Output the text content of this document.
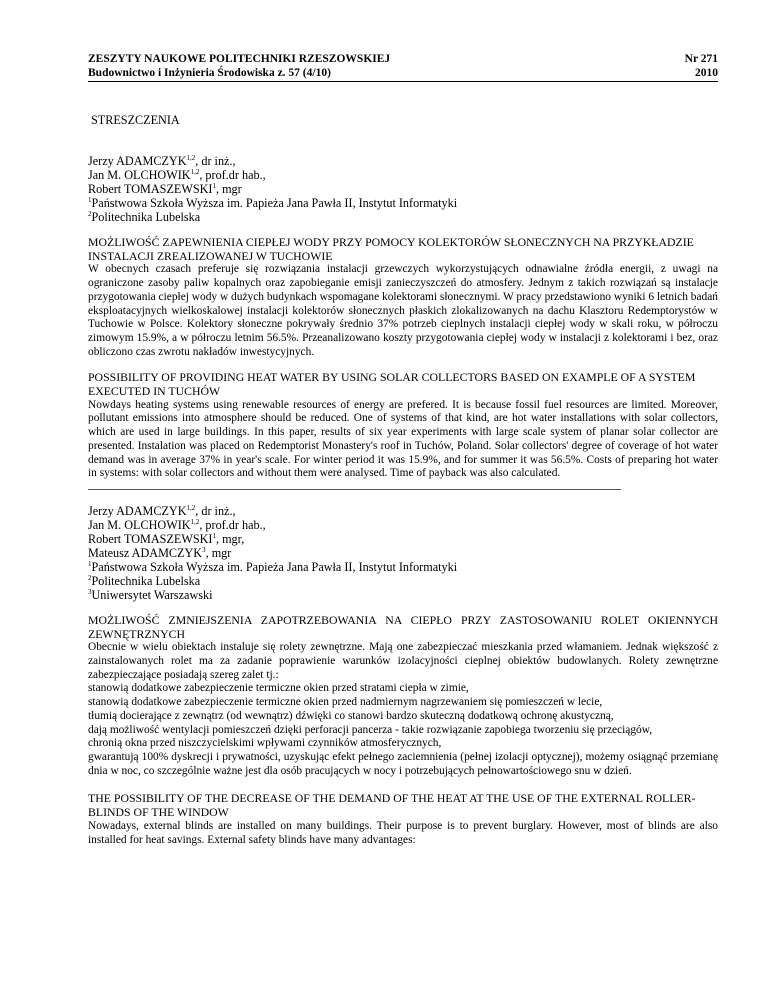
ZESZYTY NAUKOWE POLITECHNIKI RZESZOWSKIEJ
Budownictwo i Inżynieria Środowiska z. 57 (4/10)
Nr 271
2010
STRESZCZENIA
Jerzy ADAMCZYK$^{1,2}$, dr inż.,
Jan M. OLCHOWIK$^{1,2}$, prof.dr hab.,
Robert TOMASZEWSKI$^1$, mgr
$^1$Państwowa Szkoła Wyższa im. Papieża Jana Pawła II, Instytut Informatyki
$^2$Politechnika Lubelska
MOŻLIWOŚĆ ZAPEWNIENIA CIEPŁEJ WODY PRZY POMOCY KOLEKTORÓW SŁONECZNYCH NA PRZYKŁADZIE INSTALACJI ZREALIZOWANEJ W TUCHOWIE
W obecnych czasach preferuje się rozwiązania instalacji grzewczych wykorzystujących odnawialne źródła energii, z uwagi na ograniczone zasoby paliw kopalnych oraz zapobieganie emisji zanieczyszczeń do atmosfery. Jednym z takich rozwiązań są instalacje przygotowania ciepłej wody w dużych budynkach wspomagane kolektorami słonecznymi. W pracy przedstawiono wyniki 6 letnich badań eksploatacyjnych wielkoskalowej instalacji kolektorów słonecznych płaskich zlokalizowanych na dachu Klasztoru Redemptorystów w Tuchowie w Polsce. Kolektory słoneczne pokrywały średnio 37% potrzeb cieplnych instalacji ciepłej wody w skali roku, w półroczu zimowym 15.9%, a w półroczu letnim 56.5%. Przeanalizowano koszty przygotowania ciepłej wody w instalacji z kolektorami i bez, oraz obliczono czas zwrotu nakładów inwestycyjnych.
POSSIBILITY OF PROVIDING HEAT WATER BY USING SOLAR COLLECTORS BASED ON EXAMPLE OF A SYSTEM EXECUTED IN TUCHÓW
Nowdays heating systems using renewable resources of energy are prefered. It is because fossil fuel resources are limited. Moreover, pollutant emissions into atmosphere should be reduced. One of systems of that kind, are hot water installations with solar collectors, which are used in large buildings. In this paper, results of six year experiments with large scale system of planar solar collector are presented. Instalation was placed on Redemptorist Monastery's roof in Tuchów, Poland. Solar collectors' degree of coverage of hot water demand was in average 37% in year's scale. For winter period it was 15.9%, and for summer it was 56.5%. Costs of preparing hot water in systems: with solar collectors and without them were analysed. Time of payback was also calculated.
Jerzy ADAMCZYK$^{1,2}$, dr inż.,
Jan M. OLCHOWIK$^{1,2}$, prof.dr hab.,
Robert TOMASZEWSKI$^1$, mgr,
Mateusz ADAMCZYK$^3$, mgr
$^1$Państwowa Szkoła Wyższa im. Papieża Jana Pawła II, Instytut Informatyki
$^2$Politechnika Lubelska
$^3$Uniwersytet Warszawski
MOŻLIWOŚĆ ZMNIEJSZENIA ZAPOTRZEBOWANIA NA CIEPŁO PRZY ZASTOSOWANIU ROLET OKIENNYCH ZEWNĘTRZNYCH
Obecnie w wielu obiektach instaluje się rolety zewnętrzne. Mają one zabezpieczać mieszkania przed włamaniem. Jednak większość z zainstalowanych rolet ma za zadanie poprawienie warunków izolacyjności cieplnej obiektów budowlanych. Rolety zewnętrzne zabezpieczające posiadają szereg zalet tj.:
stanowią dodatkowe zabezpieczenie termiczne okien przed stratami ciepła w zimie,
stanowią dodatkowe zabezpieczenie termiczne okien przed nadmiernym nagrzewaniem się pomieszczeń w lecie,
tłumią docierające z zewnątrz (od wewnątrz) dźwięki co stanowi bardzo skuteczną dodatkową ochronę akustyczną,
dają możliwość wentylacji pomieszczeń dzięki perforacji pancerza - takie rozwiązanie zapobiega tworzeniu się przeciągów,
chronią okna przed niszczycielskimi wpływami czynników atmosferycznych,
gwarantują 100% dyskrecji i prywatności, uzyskując efekt pełnego zaciemnienia (pełnej izolacji optycznej), możemy osiągnąć przemianę dnia w noc, co szczególnie ważne jest dla osób pracujących w nocy i potrzebujących pełnowartościowego snu w dzień.
THE POSSIBILITY OF THE DECREASE OF THE DEMAND OF THE HEAT AT THE USE OF THE EXTERNAL ROLLER-BLINDS OF THE WINDOW
Nowadays, external blinds are installed on many buildings. Their purpose is to prevent burglary. However, most of blinds are also installed for heat savings. External safety blinds have many advantages:
